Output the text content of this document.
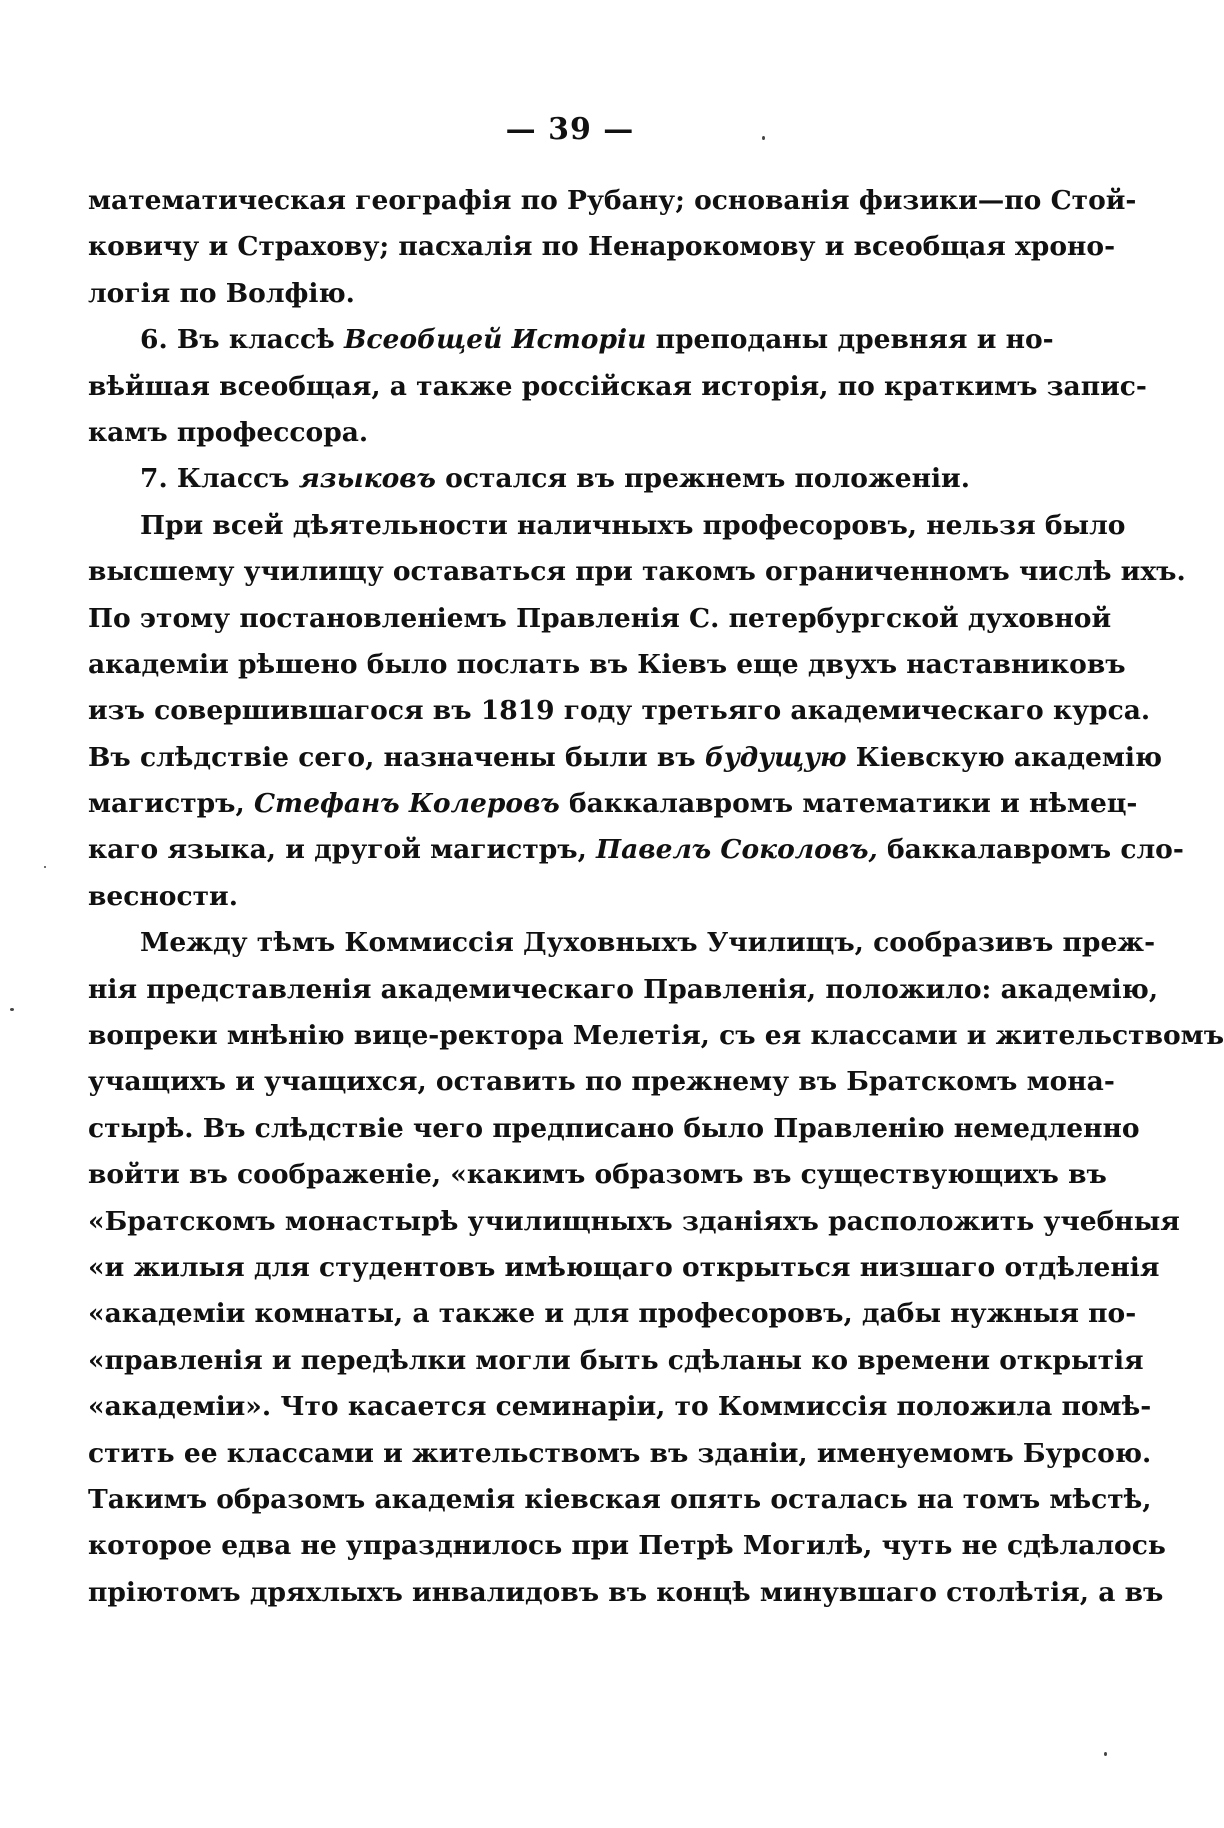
— 39 —
математическая географія по Рубану; основанія физики—по Стой-
ковичу и Страхову; пасхалія по Ненарокомову и всеобщая хроно-
логія по Волфію.
6. Въ классѣ Всеобщей Исторіи преподаны древняя и но-
вѣйшая всеобщая, а также россійская исторія, по краткимъ запис-
камъ профессора.
7. Классъ языковъ остался въ прежнемъ положеніи.
При всей дѣятельности наличныхъ професоровъ, нельзя было
высшему училищу оставаться при такомъ ограниченномъ числѣ ихъ.
По этому постановленіемъ Правленія С. петербургской духовной
академіи рѣшено было послать въ Кіевъ еще двухъ наставниковъ
изъ совершившагося въ 1819 году третьяго академическаго курса.
Въ слѣдствіе сего, назначены были въ будущую Кіевскую академію
магистръ, Стефанъ Колеровъ баккалавромъ математики и нѣмец-
каго языка, и другой магистръ, Павелъ Соколовъ, баккалавромъ сло-
весности.
Между тѣмъ Коммиссія Духовныхъ Училищъ, сообразивъ преж-
нія представленія академическаго Правленія, положило: академію,
вопреки мнѣнію вице-ректора Мелетія, съ ея классами и жительствомъ
учащихъ и учащихся, оставить по прежнему въ Братскомъ мона-
стырѣ. Въ слѣдствіе чего предписано было Правленію немедленно
войти въ соображеніе, «какимъ образомъ въ существующихъ въ
«Братскомъ монастырѣ училищныхъ зданіяхъ расположить учебныя
«и жилыя для студентовъ имѣющаго открыться низшаго отдѣленія
«академіи комнаты, а также и для професоровъ, дабы нужныя по-
«правленія и передѣлки могли быть сдѣланы ко времени открытія
«академіи». Что касается семинаріи, то Коммиссія положила помѣ-
стить ее классами и жительствомъ въ зданіи, именуемомъ Бурсою.
Такимъ образомъ академія кіевская опять осталась на томъ мѣстѣ,
которое едва не упразднилось при Петрѣ Могилѣ, чуть не сдѣлалось
пріютомъ дряхлыхъ инвалидовъ въ концѣ минувшаго столѣтія, а въ
